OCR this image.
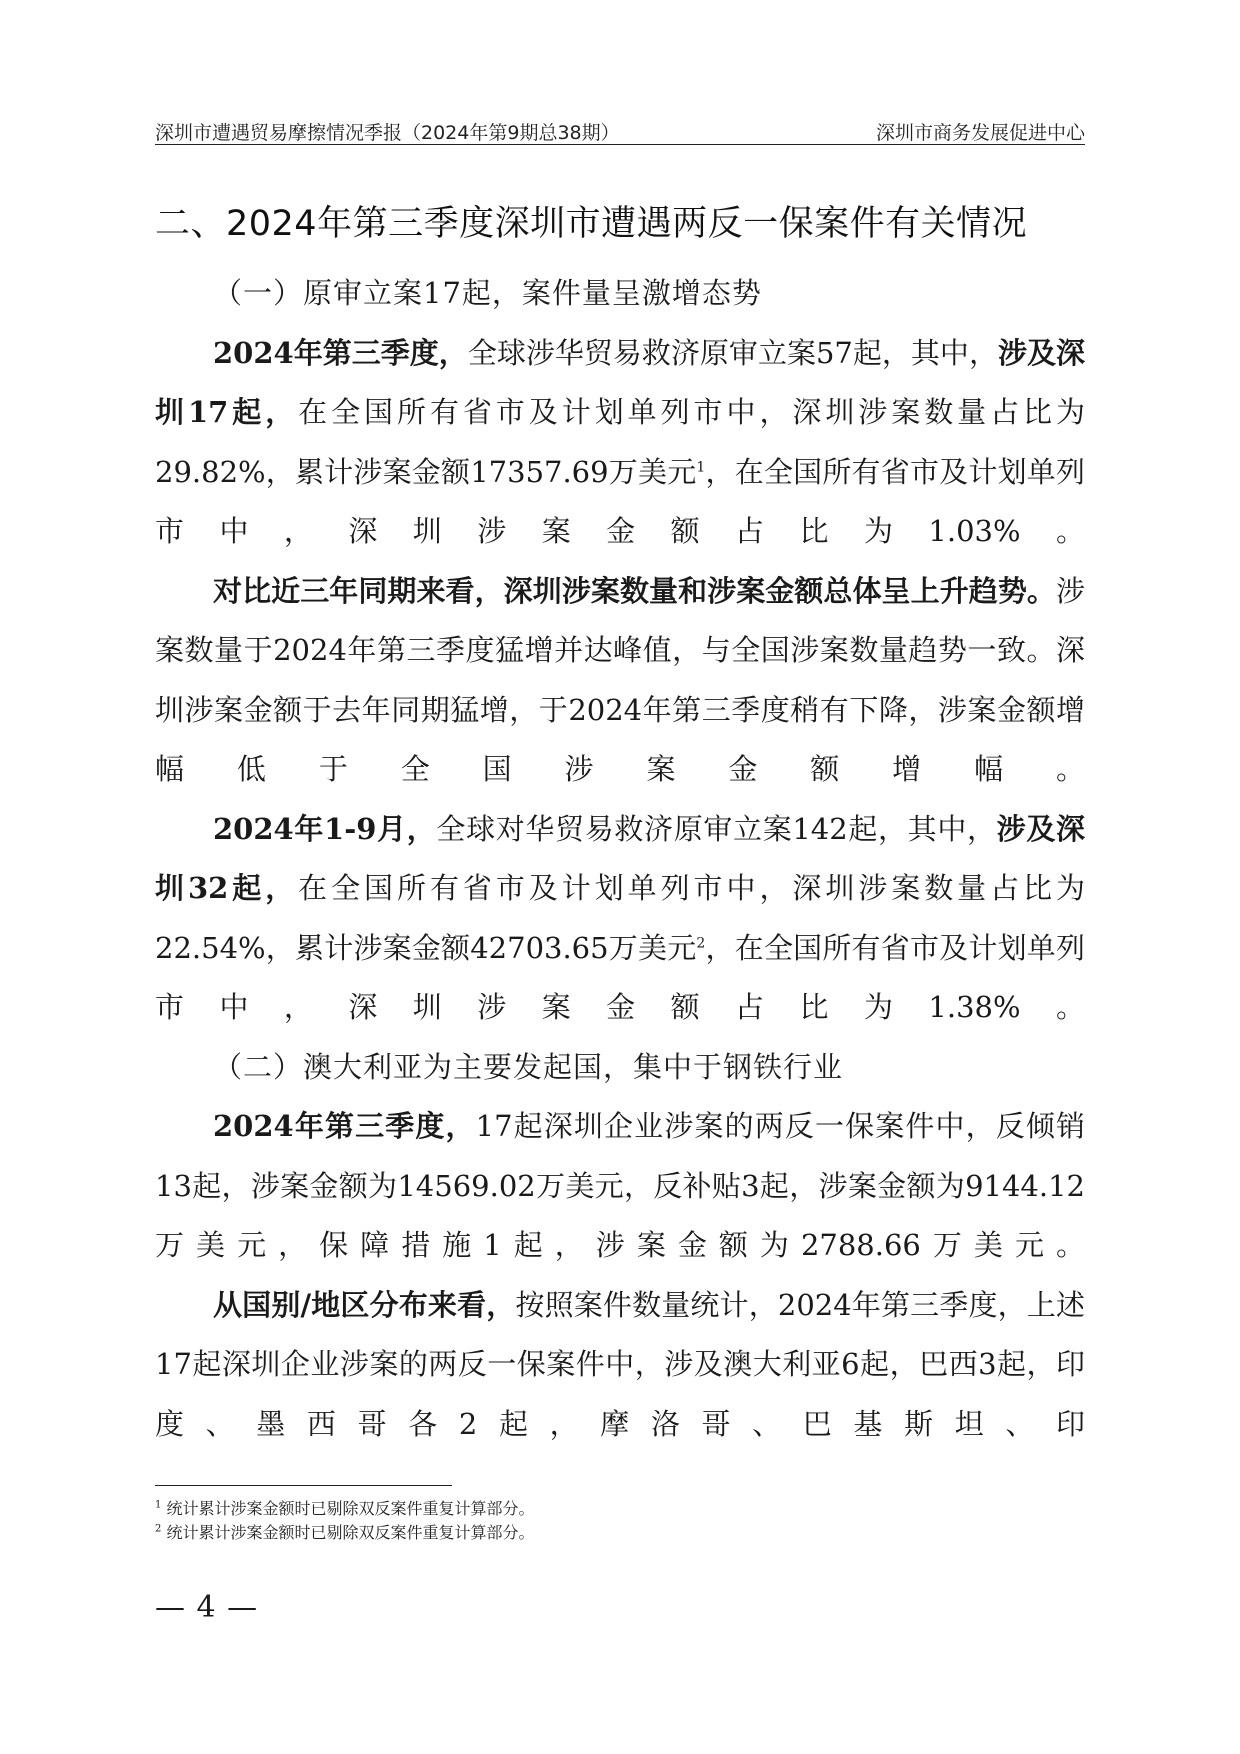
深圳市遭遇贸易摩擦情况季报（2024年第9期总38期）	深圳市商务发展促进中心
二、2024年第三季度深圳市遭遇两反一保案件有关情况

（一）原审立案17起，案件量呈激增态势

2024年第三季度，全球涉华贸易救济原审立案57起，其中，涉及深圳17起，在全国所有省市及计划单列市中，深圳涉案数量占比为29.82%，累计涉案金额17357.69万美元$^1$，在全国所有省市及计划单列市中，深圳涉案金额占比为1.03%。

对比近三年同期来看，深圳涉案数量和涉案金额总体呈上升趋势。涉案数量于2024年第三季度猛增并达峰值，与全国涉案数量趋势一致。深圳涉案金额于去年同期猛增，于2024年第三季度稍有下降，涉案金额增幅低于全国涉案金额增幅。

2024年1-9月，全球对华贸易救济原审立案142起，其中，涉及深圳32起，在全国所有省市及计划单列市中，深圳涉案数量占比为22.54%，累计涉案金额42703.65万美元$^2$，在全国所有省市及计划单列市中，深圳涉案金额占比为1.38%。

（二）澳大利亚为主要发起国，集中于钢铁行业

2024年第三季度，17起深圳企业涉案的两反一保案件中，反倾销13起，涉案金额为14569.02万美元，反补贴3起，涉案金额为9144.12万美元，保障措施1起，涉案金额为2788.66万美元。

从国别/地区分布来看，按照案件数量统计，2024年第三季度，上述17起深圳企业涉案的两反一保案件中，涉及澳大利亚6起，巴西3起，印度、墨西哥各2起，摩洛哥、巴基斯坦、印

$^1$ 统计累计涉案金额时已剔除双反案件重复计算部分。
$^2$ 统计累计涉案金额时已剔除双反案件重复计算部分。
— 4 —
